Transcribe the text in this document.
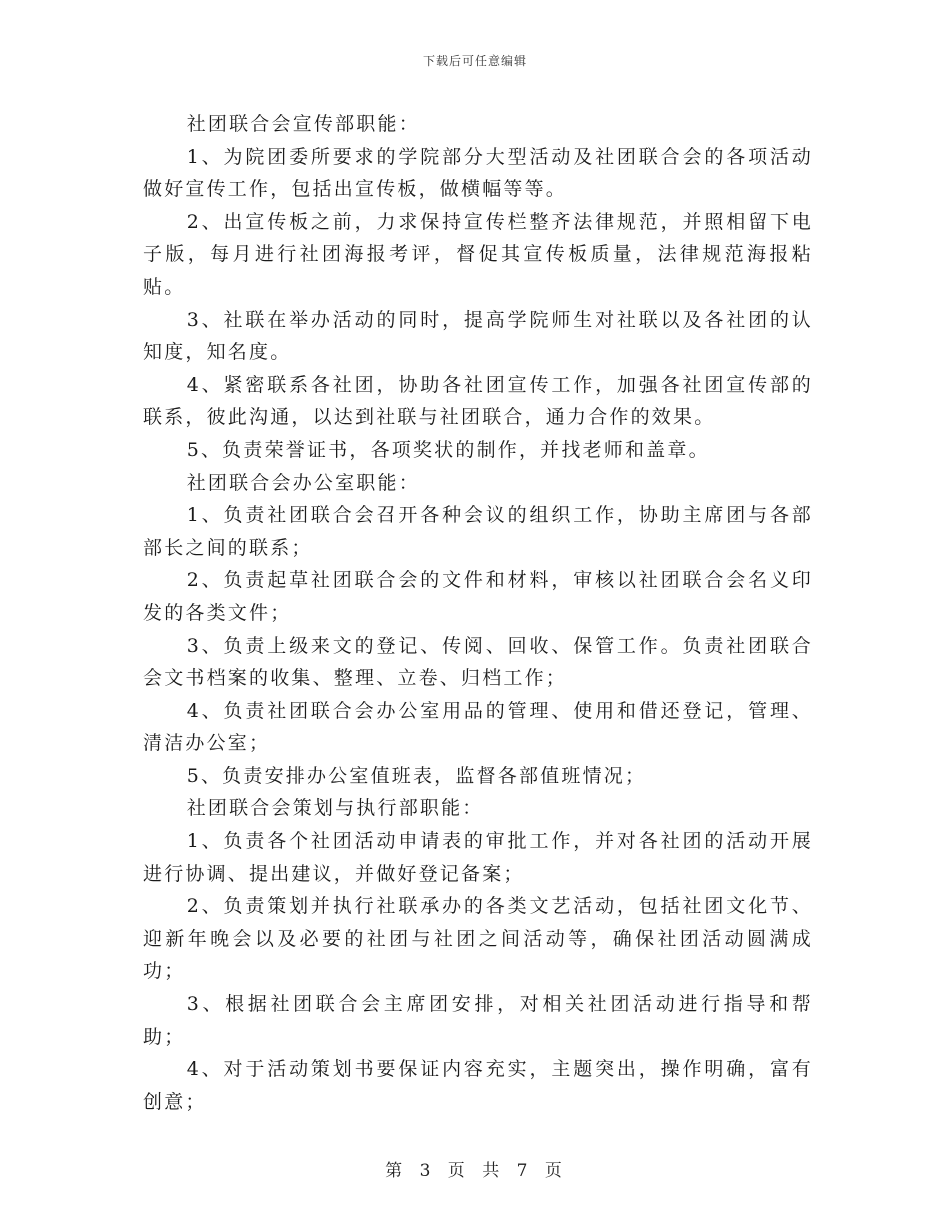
下载后可任意编辑

社团联合会宣传部职能：

1、为院团委所要求的学院部分大型活动及社团联合会的各项活动做好宣传工作，包括出宣传板，做横幅等等。

2、出宣传板之前，力求保持宣传栏整齐法律规范，并照相留下电子版，每月进行社团海报考评，督促其宣传板质量，法律规范海报粘贴。

3、社联在举办活动的同时，提高学院师生对社联以及各社团的认知度，知名度。

4、紧密联系各社团，协助各社团宣传工作，加强各社团宣传部的联系，彼此沟通，以达到社联与社团联合，通力合作的效果。

5、负责荣誉证书，各项奖状的制作，并找老师和盖章。

社团联合会办公室职能：

1、负责社团联合会召开各种会议的组织工作，协助主席团与各部部长之间的联系；

2、负责起草社团联合会的文件和材料，审核以社团联合会名义印发的各类文件；

3、负责上级来文的登记、传阅、回收、保管工作。负责社团联合会文书档案的收集、整理、立卷、归档工作；

4、负责社团联合会办公室用品的管理、使用和借还登记，管理、清洁办公室；

5、负责安排办公室值班表，监督各部值班情况；

社团联合会策划与执行部职能：

1、负责各个社团活动申请表的审批工作，并对各社团的活动开展进行协调、提出建议，并做好登记备案；

2、负责策划并执行社联承办的各类文艺活动，包括社团文化节、迎新年晚会以及必要的社团与社团之间活动等，确保社团活动圆满成功；

3、根据社团联合会主席团安排，对相关社团活动进行指导和帮助；

4、对于活动策划书要保证内容充实，主题突出，操作明确，富有创意；

第 3 页 共 7 页
